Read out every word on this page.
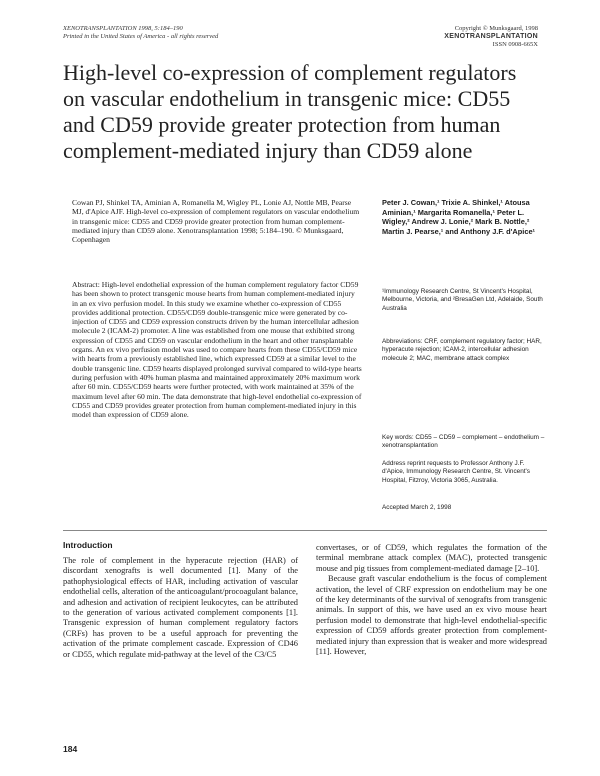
XENOTRANSPLANTATION 1998, 5:184–190
Printed in the United States of America - all rights reserved
Copyright © Munksgaard, 1998
XENOTRANSPLANTATION
ISSN 0908-665X
High-level co-expression of complement regulators on vascular endothelium in transgenic mice: CD55 and CD59 provide greater protection from human complement-mediated injury than CD59 alone
Cowan PJ, Shinkel TA, Aminian A, Romanella M, Wigley PL, Lonie AJ, Nottle MB, Pearse MJ, d'Apice AJF. High-level co-expression of complement regulators on vascular endothelium in transgenic mice: CD55 and CD59 provide greater protection from human complement-mediated injury than CD59 alone. Xenotransplantation 1998; 5:184–190. © Munksgaard, Copenhagen
Abstract: High-level endothelial expression of the human complement regulatory factor CD59 has been shown to protect transgenic mouse hearts from human complement-mediated injury in an ex vivo perfusion model. In this study we examine whether co-expression of CD55 provides additional protection. CD55/CD59 double-transgenic mice were generated by co-injection of CD55 and CD59 expression constructs driven by the human intercellular adhesion molecule 2 (ICAM-2) promoter. A line was established from one mouse that exhibited strong expression of CD55 and CD59 on vascular endothelium in the heart and other transplantable organs. An ex vivo perfusion model was used to compare hearts from these CD55/CD59 mice with hearts from a previously established line, which expressed CD59 at a similar level to the double transgenic line. CD59 hearts displayed prolonged survival compared to wild-type hearts during perfusion with 40% human plasma and maintained approximately 20% maximum work after 60 min. CD55/CD59 hearts were further protected, with work maintained at 35% of the maximum level after 60 min. The data demonstrate that high-level endothelial co-expression of CD55 and CD59 provides greater protection from human complement-mediated injury in this model than expression of CD59 alone.
Peter J. Cowan,¹ Trixie A. Shinkel,¹ Atousa Aminian,¹ Margarita Romanella,¹ Peter L. Wigley,² Andrew J. Lonie,² Mark B. Nottle,² Martin J. Pearse,¹ and Anthony J.F. d'Apice¹
¹Immunology Research Centre, St Vincent's Hospital, Melbourne, Victoria, and ²BresaGen Ltd, Adelaide, South Australia
Abbreviations: CRF, complement regulatory factor; HAR, hyperacute rejection; ICAM-2, intercellular adhesion molecule 2; MAC, membrane attack complex
Key words: CD55 – CD59 – complement – endothelium – xenotransplantation
Address reprint requests to Professor Anthony J.F. d'Apice, Immunology Research Centre, St. Vincent's Hospital, Fitzroy, Victoria 3065, Australia.
Accepted March 2, 1998
Introduction

The role of complement in the hyperacute rejection (HAR) of discordant xenografts is well documented [1]. Many of the pathophysiological effects of HAR, including activation of vascular endothelial cells, alteration of the anticoagulant/procoagulant balance, and adhesion and activation of recipient leukocytes, can be attributed to the generation of various activated complement components [1]. Transgenic expression of human complement regulatory factors (CRFs) has proven to be a useful approach for preventing the activation of the primate complement cascade. Expression of CD46 or CD55, which regulate mid-pathway at the level of the C3/C5

convertases, or of CD59, which regulates the formation of the terminal membrane attack complex (MAC), protected transgenic mouse and pig tissues from complement-mediated damage [2–10].

Because graft vascular endothelium is the focus of complement activation, the level of CRF expression on endothelium may be one of the key determinants of the survival of xenografts from transgenic animals. In support of this, we have used an ex vivo mouse heart perfusion model to demonstrate that high-level endothelial-specific expression of CD59 affords greater protection from complement-mediated injury than expression that is weaker and more widespread [11]. However,

184
